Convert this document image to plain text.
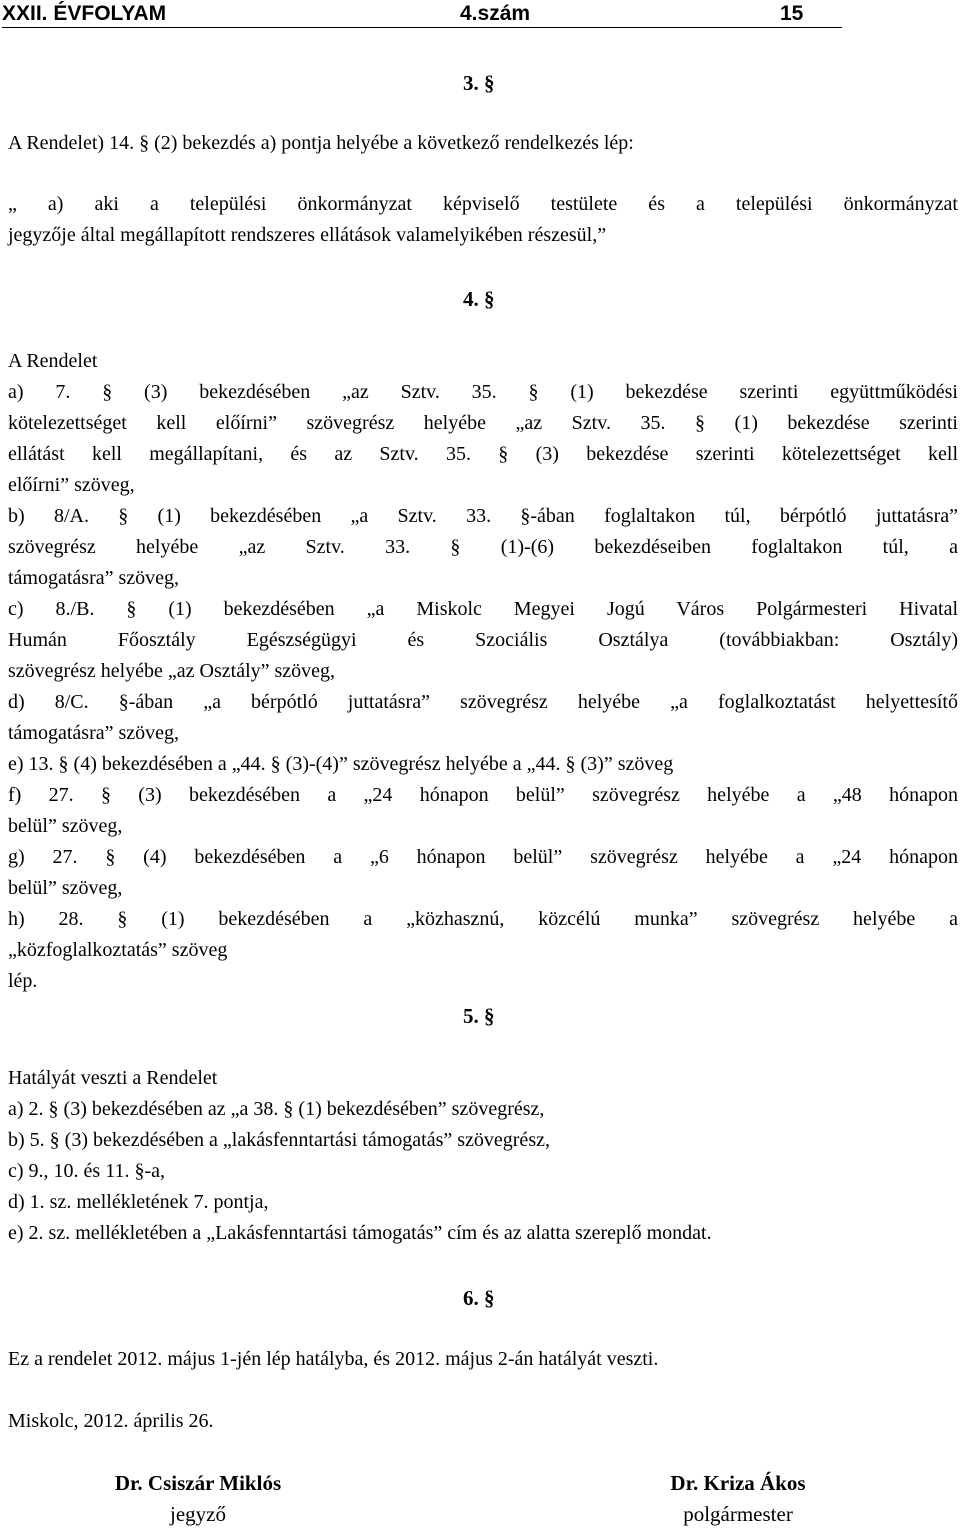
XXII. ÉVFOLYAM	4.szám	15
3. §
A Rendelet) 14. § (2) bekezdés a) pontja helyébe a következő rendelkezés lép:

„ a) aki a települési önkormányzat képviselő testülete és a települési önkormányzat

jegyzője által megállapított rendszeres ellátások valamelyikében részesül,”

4. §

A Rendelet

a) 7. § (3) bekezdésében „az Sztv. 35. § (1) bekezdése szerinti együttműködési

kötelezettséget kell előírni” szövegrész helyébe „az Sztv. 35. § (1) bekezdése szerinti

ellátást kell megállapítani, és az Sztv. 35. § (3) bekezdése szerinti kötelezettséget kell

előírni” szöveg,

b) 8/A. § (1) bekezdésében „a Sztv. 33. §-ában foglaltakon túl, bérpótló juttatásra”

szövegrész helyébe „az Sztv. 33. § (1)-(6) bekezdéseiben foglaltakon túl, a

támogatásra” szöveg,

c) 8./B. § (1) bekezdésében „a Miskolc Megyei Jogú Város Polgármesteri Hivatal

Humán Főosztály Egészségügyi és Szociális Osztálya (továbbiakban: Osztály)

szövegrész helyébe „az Osztály” szöveg,

d) 8/C. §-ában „a bérpótló juttatásra” szövegrész helyébe „a foglalkoztatást helyettesítő

támogatásra” szöveg,

e) 13. § (4) bekezdésében a „44. § (3)-(4)” szövegrész helyébe a „44. § (3)” szöveg

f) 27. § (3) bekezdésében a „24 hónapon belül” szövegrész helyébe a „48 hónapon

belül” szöveg,

g) 27. § (4) bekezdésében a „6 hónapon belül” szövegrész helyébe a „24 hónapon

belül” szöveg,

h) 28. § (1) bekezdésében a „közhasznú, közcélú munka” szövegrész helyébe a

„közfoglalkoztatás” szöveg

lép.

5. §

Hatályát veszti a Rendelet

a) 2. § (3) bekezdésében az „a 38. § (1) bekezdésében” szövegrész,

b) 5. § (3) bekezdésében a „lakásfenntartási támogatás” szövegrész,

c) 9., 10. és 11. §-a,

d) 1. sz. mellékletének 7. pontja,

e) 2. sz. mellékletében a „Lakásfenntartási támogatás” cím és az alatta szereplő mondat.

6. §
Ez a rendelet 2012. május 1-jén lép hatályba, és 2012. május 2-án hatályát veszti.
Miskolc, 2012. április 26.
Dr. Csiszár Miklós
jegyző
Dr. Kriza Ákos
polgármester
